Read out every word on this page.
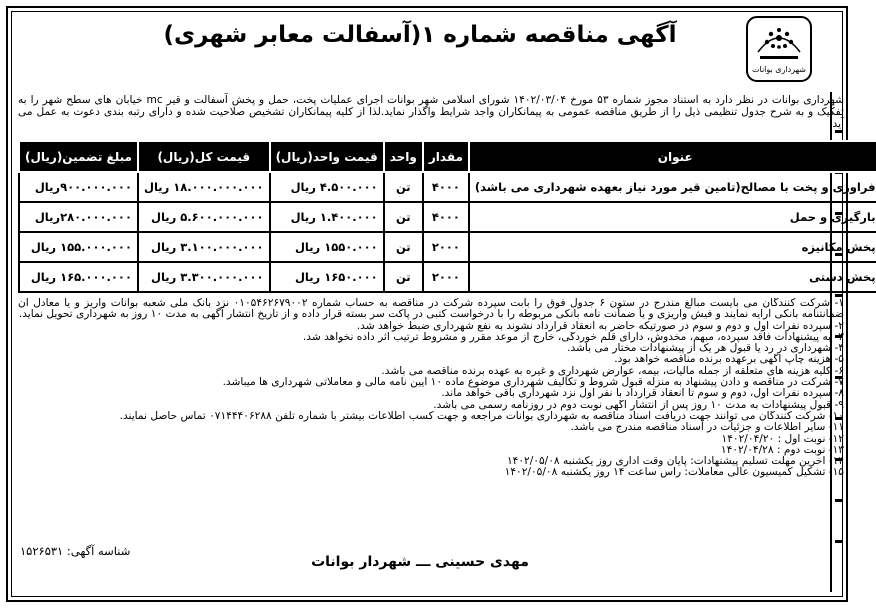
شهرداری بوانات
آگهی مناقصه شماره ۱(آسفالت معابر شهری)
شهرداری بوانات در نظر دارد به استناد مجوز شماره ۵۳ مورخ ۱۴۰۲/۰۳/۰۴ شورای اسلامی شهر بوانات اجرای عملیات پخت، حمل و پخش آسفالت و قیر mc خیابان های سطح شهر را به تفکیک و به شرح جدول تنظیمی ذیل را از طریق مناقصه عمومی به پیمانکاران واجد شرایط واگذار نماید.لذا از کلیه پیمانکاران تشخیص صلاحیت شده و دارای رتبه بندی دعوت به عمل می آید.
عنوان	مقدار	واحد	قیمت واحد(ریال)	قیمت کل(ریال)	مبلغ تضمین(ریال)
فراوری و پخت با مصالح(تامین قیر مورد نیاز بعهده شهرداری می باشد)	۴۰۰۰	تن	۴.۵۰۰.۰۰۰ ریال	۱۸.۰۰۰.۰۰۰.۰۰۰ ریال	۹۰۰.۰۰۰.۰۰۰ریال
بارگیری و حمل	۴۰۰۰	تن	۱.۴۰۰.۰۰۰ ریال	۵.۶۰۰.۰۰۰.۰۰۰ ریال	۲۸۰.۰۰۰.۰۰۰ریال
پخش مکانیزه	۲۰۰۰	تن	۱۵۵۰.۰۰۰ ریال	۳.۱۰۰.۰۰۰.۰۰۰ ریال	۱۵۵.۰۰۰.۰۰۰ ریال
پخش دستی	۲۰۰۰	تن	۱۶۵۰.۰۰۰ ریال	۳.۳۰۰.۰۰۰.۰۰۰ ریال	۱۶۵.۰۰۰.۰۰۰ ریال
۱- شرکت کنندگان می بایست مبالغ مندرج در ستون ۶ جدول فوق را بابت سپرده شرکت در مناقصه به حساب شماره ۰۱۰۵۴۶۲۶۷۹۰۰۲ نزد بانک ملی شعبه بوانات واریز و یا معادل آن ضمانتنامه بانکی ارایه نمایند و فیش واریزی و یا ضمانت نامه بانکی مربوطه را با درخواست کتبی در پاکت سر بسته قرار داده و از تاریخ انتشار آگهی به مدت ۱۰ روز به شهرداری تحویل نماید.
۲- سپرده نفرات اول و دوم و سوم در صورتیکه حاضر به انعقاد قرارداد نشوند به نفع شهرداری ضبط خواهد شد.
۳- به پیشنهادات فاقد سپرده، مبهم، مخدوش، دارای قلم خوردگی، خارج از موعد مقرر و مشروط ترتیب اثر داده نخواهد شد.
۴- شهرداری در رد یا قبول هر یک از پیشنهادات مختار می باشد.
۵- هزینه چاپ آگهی برعهده برنده مناقصه خواهد بود.
۶- کلیه هزینه های متعلقه از جمله مالیات، بیمه، عوارض شهرداری و غیره به عهده برنده مناقصه می باشد.
۷- شرکت در مناقصه و دادن پیشنهاد به منزله قبول شروط و تکالیف شهرداری موضوع ماده ۱۰ آیین نامه مالی و معاملاتی شهرداری ها میباشد.
۸- سپرده نفرات اول، دوم و سوم تا انعقاد قرارداد با نفر اول نزد شهرداری باقی خواهد ماند.
۹- قبول پیشنهادات به مدت ۱۰ روز پس از انتشار آگهی نوبت دوم در روزنامه رسمی می باشد.
۱۰- شرکت کنندگان می توانند جهت دریافت اسناد مناقصه به شهرداری بوانات مراجعه و جهت کسب اطلاعات بیشتر با شماره تلفن ۰۷۱۴۴۴۰۶۲۸۸ تماس حاصل نمایند.
۱۱- سایر اطلاعات و جزئیات در اسناد مناقصه مندرج می باشد.
۱۲- نوبت اول : ۱۴۰۲/۰۴/۲۰
۱۳- نوبت دوم : ۱۴۰۲/۰۴/۲۸
۱۴- آخرین مهلت تسلیم پیشنهادات: پایان وقت اداری روز یکشنبه ۱۴۰۲/۰۵/۰۸
۱۵- تشکیل کمیسیون عالی معاملات: راس ساعت ۱۴ روز یکشنبه ۱۴۰۲/۰۵/۰۸
شناسه آگهی: ۱۵۲۶۵۳۱
مهدی حسینی ـــ شهردار بوانات
